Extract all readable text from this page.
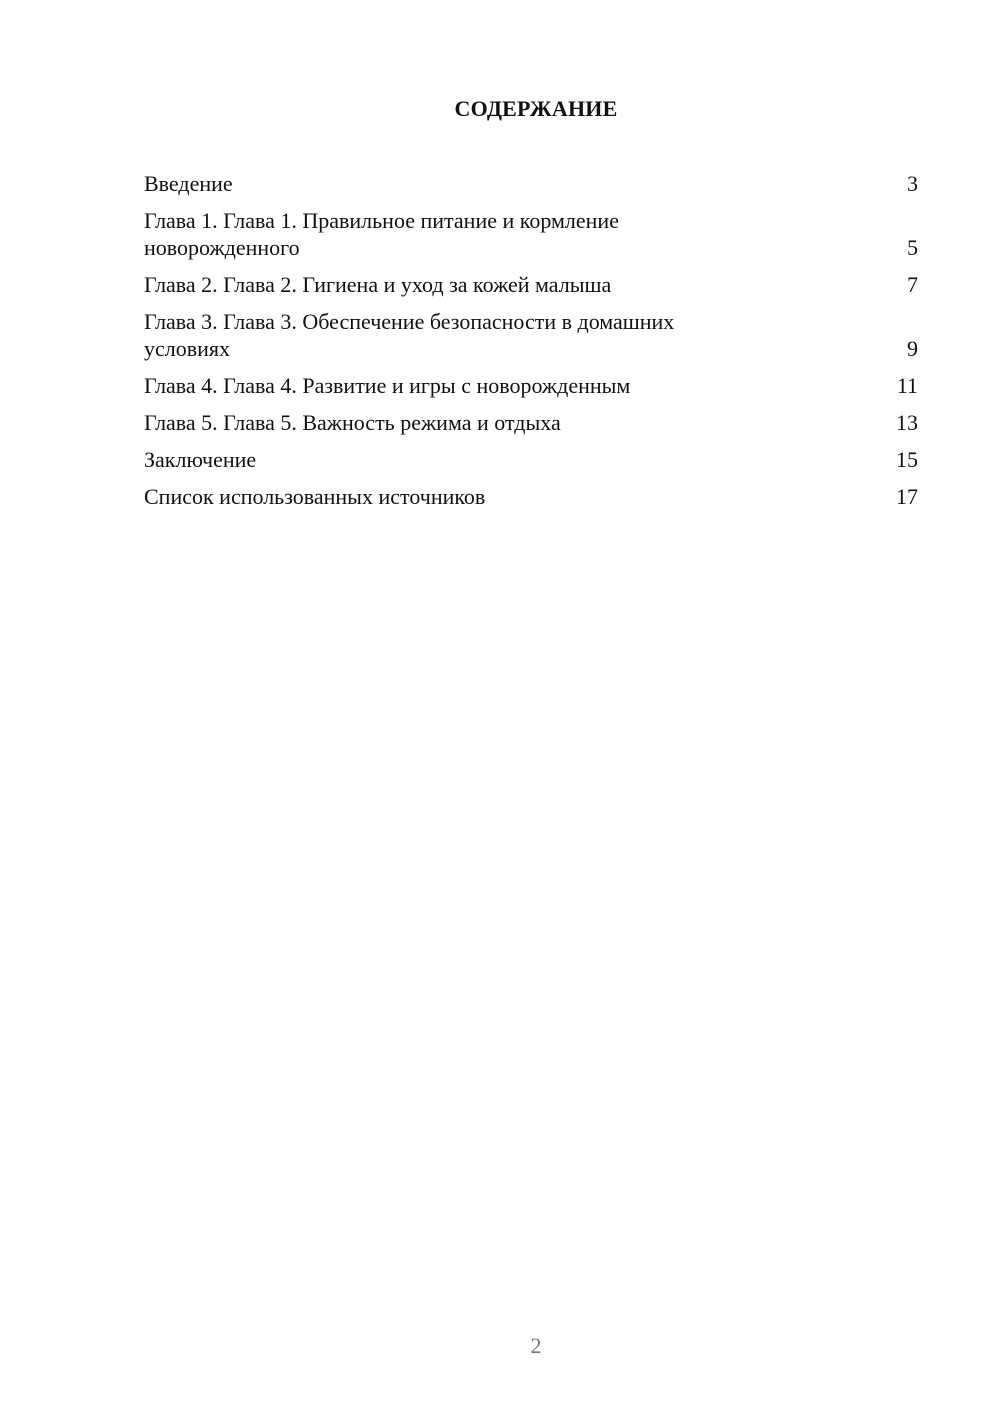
СОДЕРЖАНИЕ
Введение	3
Глава 1. Глава 1. Правильное питание и кормление новорожденного	5
Глава 2. Глава 2. Гигиена и уход за кожей малыша	7
Глава 3. Глава 3. Обеспечение безопасности в домашних условиях	9
Глава 4. Глава 4. Развитие и игры с новорожденным	11
Глава 5. Глава 5. Важность режима и отдыха	13
Заключение	15
Список использованных источников	17
2
